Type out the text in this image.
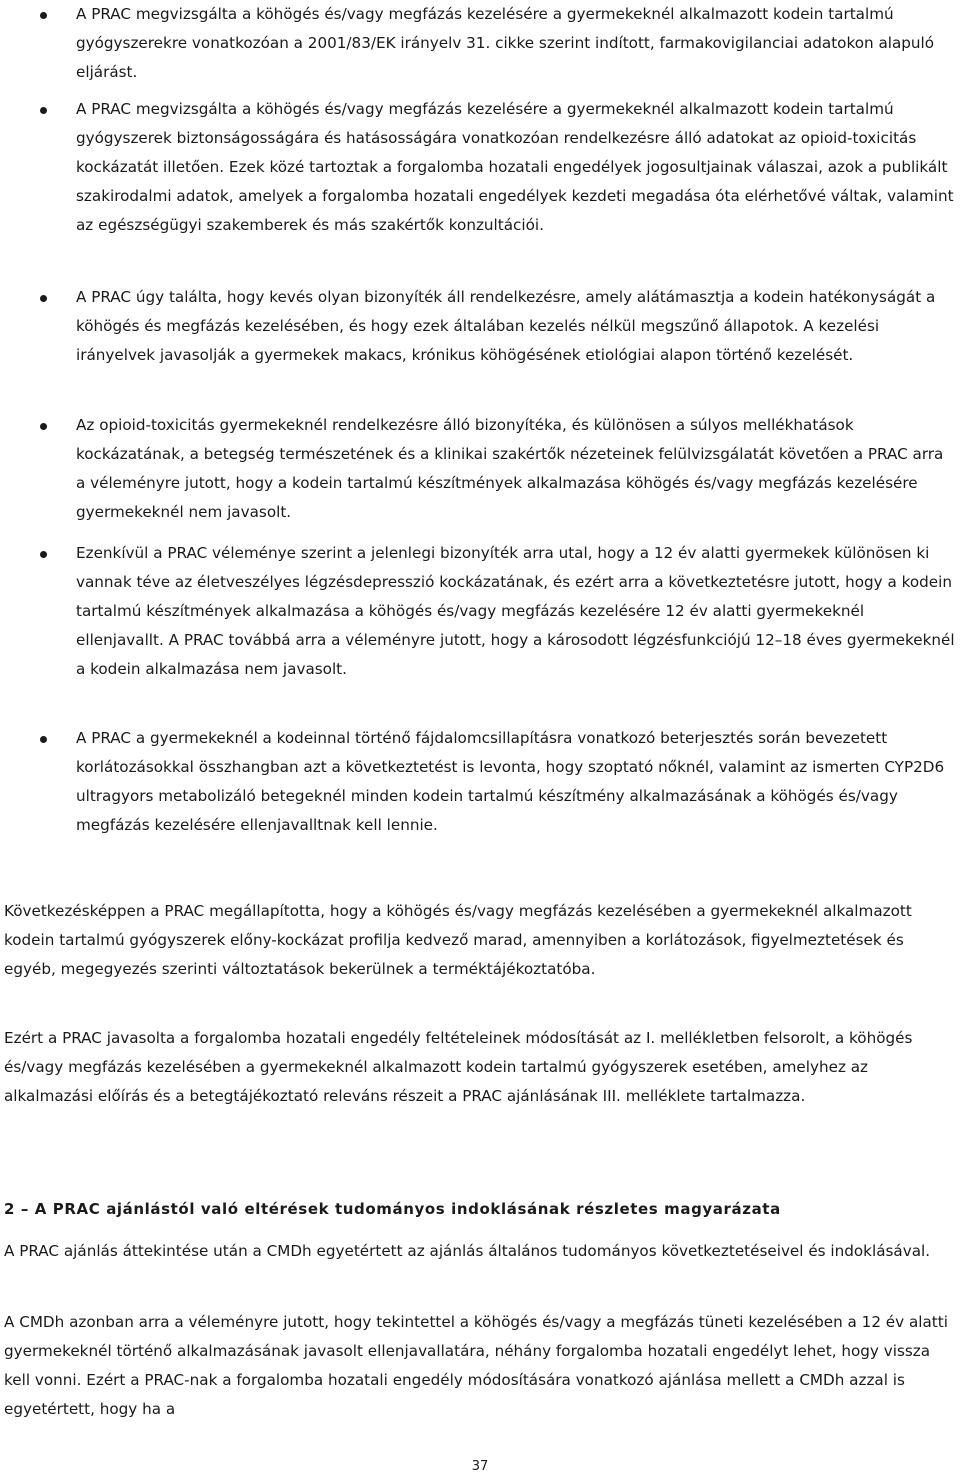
A PRAC megvizsgálta a köhögés és/vagy megfázás kezelésére a gyermekeknél alkalmazott kodein tartalmú gyógyszerekre vonatkozóan a 2001/83/EK irányelv 31. cikke szerint indított, farmakovigilanciai adatokon alapuló eljárást.
A PRAC megvizsgálta a köhögés és/vagy megfázás kezelésére a gyermekeknél alkalmazott kodein tartalmú gyógyszerek biztonságosságára és hatásosságára vonatkozóan rendelkezésre álló adatokat az opioid-toxicitás kockázatát illetően. Ezek közé tartoztak a forgalomba hozatali engedélyek jogosultjainak válaszai, azok a publikált szakirodalmi adatok, amelyek a forgalomba hozatali engedélyek kezdeti megadása óta elérhetővé váltak, valamint az egészségügyi szakemberek és más szakértők konzultációi.
A PRAC úgy találta, hogy kevés olyan bizonyíték áll rendelkezésre, amely alátámasztja a kodein hatékonyságát a köhögés és megfázás kezelésében, és hogy ezek általában kezelés nélkül megszűnő állapotok. A kezelési irányelvek javasolják a gyermekek makacs, krónikus köhögésének etiológiai alapon történő kezelését.
Az opioid-toxicitás gyermekeknél rendelkezésre álló bizonyítéka, és különösen a súlyos mellékhatások kockázatának, a betegség természetének és a klinikai szakértők nézeteinek felülvizsgálatát követően a PRAC arra a véleményre jutott, hogy a kodein tartalmú készítmények alkalmazása köhögés és/vagy megfázás kezelésére gyermekeknél nem javasolt.
Ezenkívül a PRAC véleménye szerint a jelenlegi bizonyíték arra utal, hogy a 12 év alatti gyermekek különösen ki vannak téve az életveszélyes légzésdepresszió kockázatának, és ezért arra a következtetésre jutott, hogy a kodein tartalmú készítmények alkalmazása a köhögés és/vagy megfázás kezelésére 12 év alatti gyermekeknél ellenjavallt. A PRAC továbbá arra a véleményre jutott, hogy a károsodott légzésfunkciójú 12–18 éves gyermekeknél a kodein alkalmazása nem javasolt.
A PRAC a gyermekeknél a kodeinnal történő fájdalomcsillapításra vonatkozó beterjesztés során bevezetett korlátozásokkal összhangban azt a következtetést is levonta, hogy szoptató nőknél, valamint az ismerten CYP2D6 ultragyors metabolizáló betegeknél minden kodein tartalmú készítmény alkalmazásának a köhögés és/vagy megfázás kezelésére ellenjavalltnak kell lennie.

Következésképpen a PRAC megállapította, hogy a köhögés és/vagy megfázás kezelésében a gyermekeknél alkalmazott kodein tartalmú gyógyszerek előny-kockázat profilja kedvező marad, amennyiben a korlátozások, figyelmeztetések és egyéb, megegyezés szerinti változtatások bekerülnek a terméktájékoztatóba.

Ezért a PRAC javasolta a forgalomba hozatali engedély feltételeinek módosítását az I. mellékletben felsorolt, a köhögés és/vagy megfázás kezelésében a gyermekeknél alkalmazott kodein tartalmú gyógyszerek esetében, amelyhez az alkalmazási előírás és a betegtájékoztató releváns részeit a PRAC ajánlásának III. melléklete tartalmazza.

2 – A PRAC ajánlástól való eltérések tudományos indoklásának részletes magyarázata

A PRAC ajánlás áttekintése után a CMDh egyetértett az ajánlás általános tudományos következtetéseivel és indoklásával.

A CMDh azonban arra a véleményre jutott, hogy tekintettel a köhögés és/vagy a megfázás tüneti kezelésében a 12 év alatti gyermekeknél történő alkalmazásának javasolt ellenjavallatára, néhány forgalomba hozatali engedélyt lehet, hogy vissza kell vonni. Ezért a PRAC-nak a forgalomba hozatali engedély módosítására vonatkozó ajánlása mellett a CMDh azzal is egyetértett, hogy ha a

37
